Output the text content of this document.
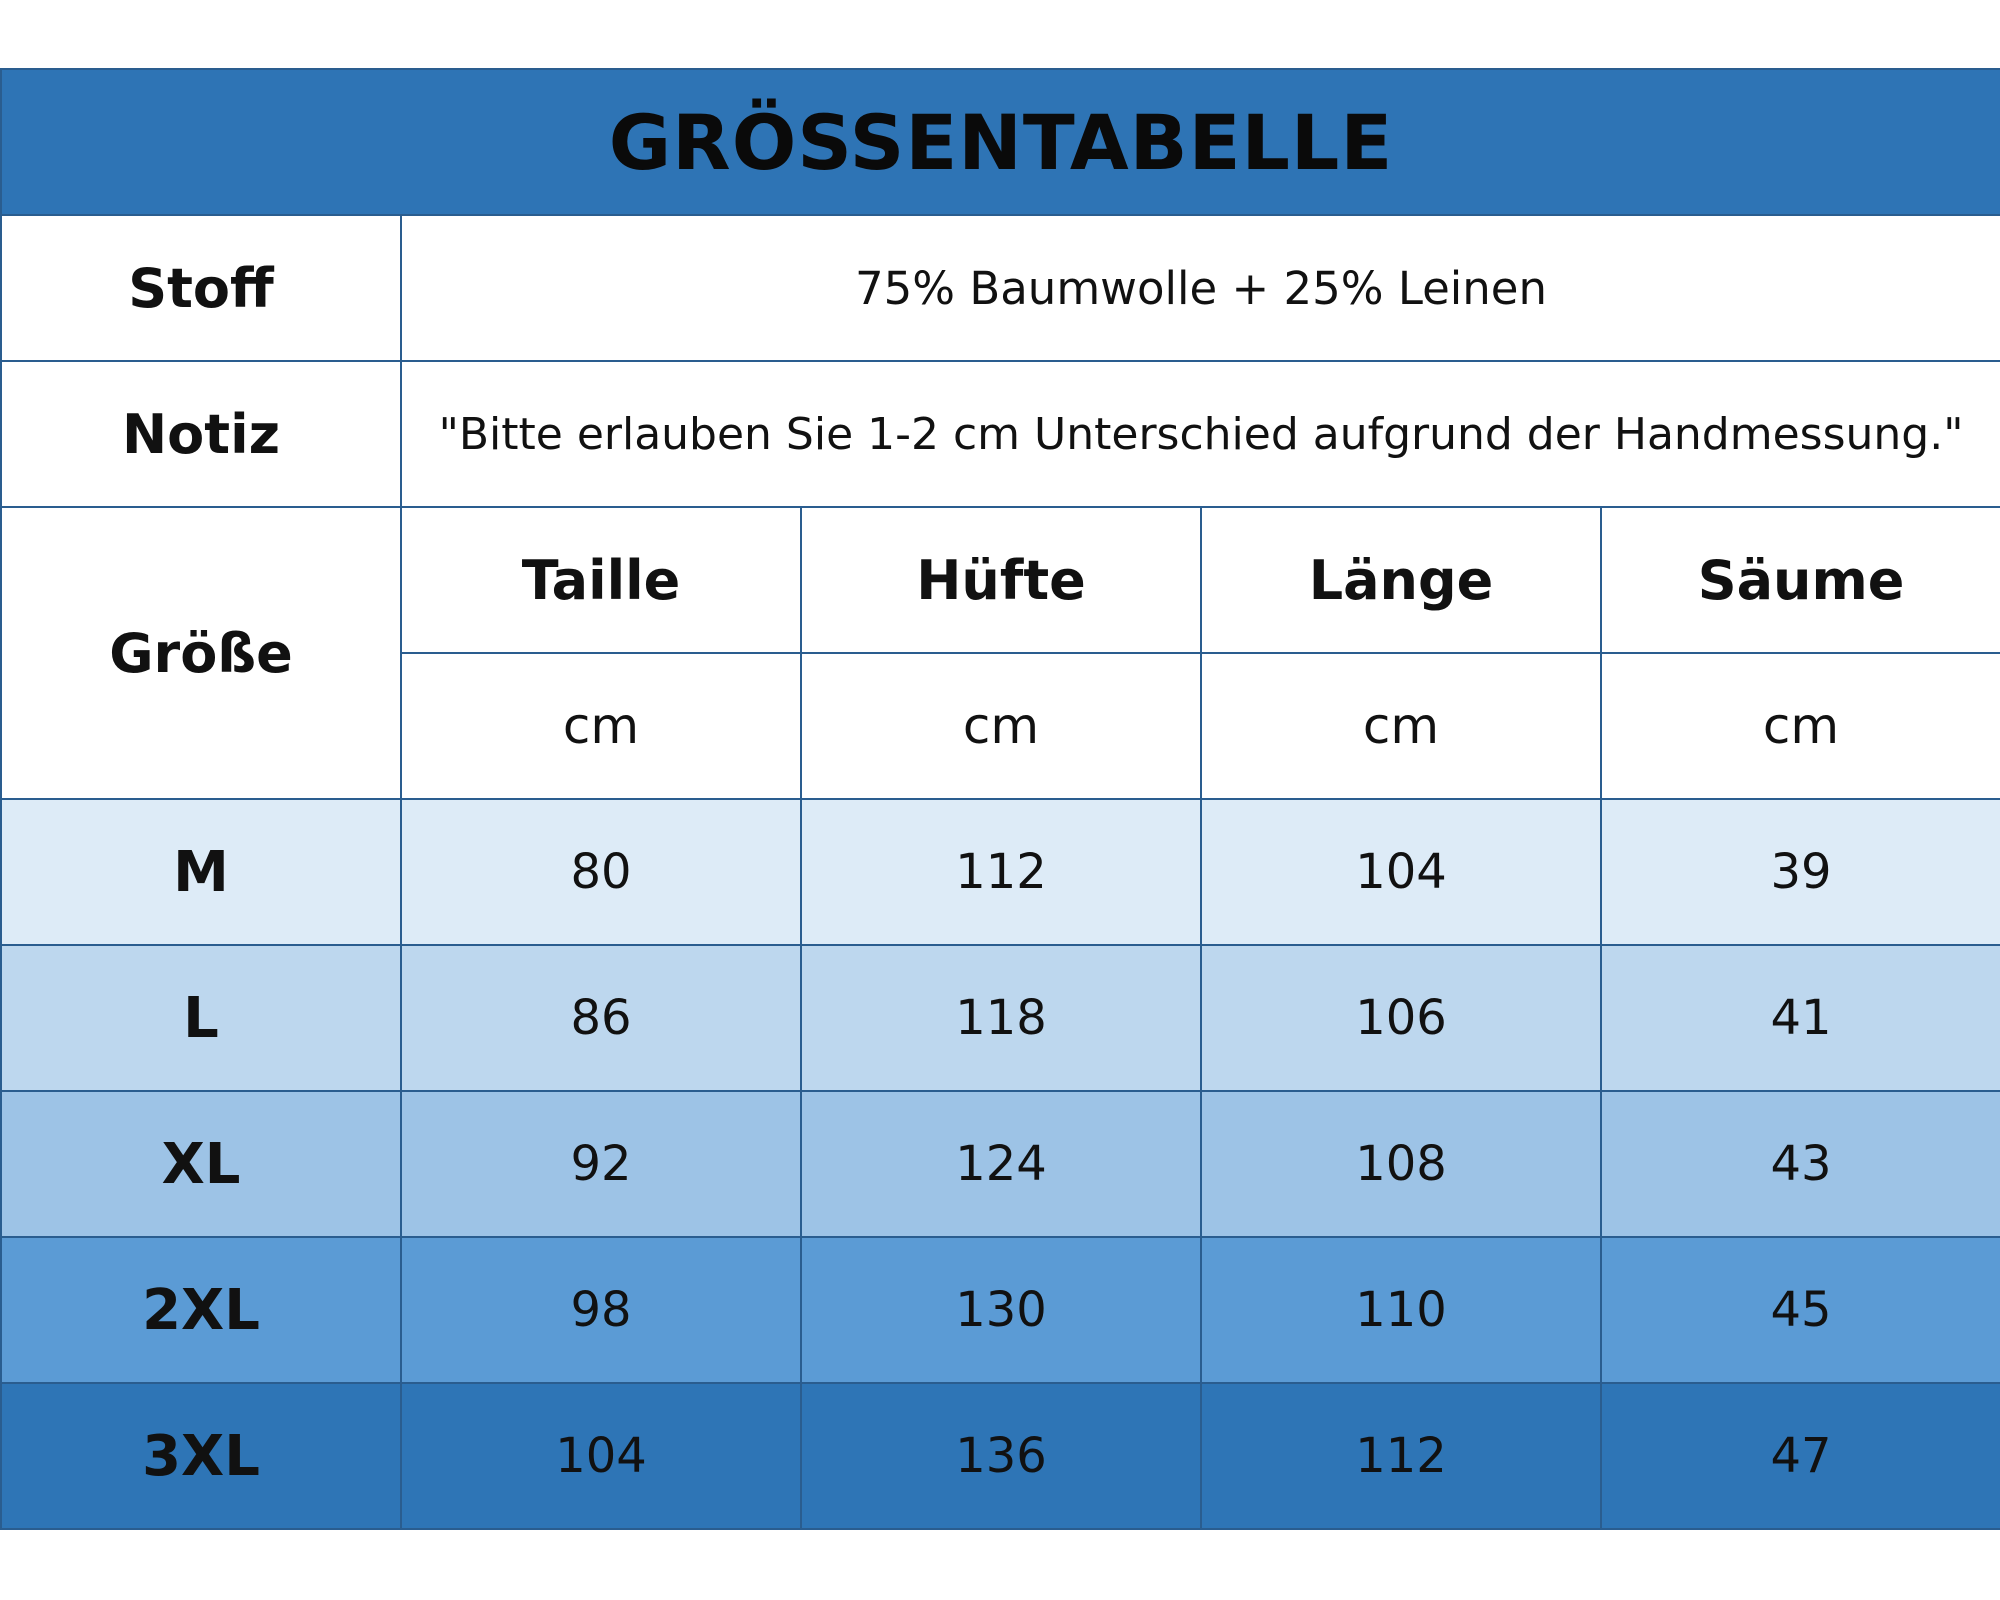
GRÖSSENTABELLE				
Stoff	75% Baumwolle + 25% Leinen			
Notiz	"Bitte erlauben Sie 1-2 cm Unterschied aufgrund der Handmessung."			
Größe	Taille	Hüfte	Länge	Säume
	cm	cm	cm	cm
M	80	112	104	39
L	86	118	106	41
XL	92	124	108	43
2XL	98	130	110	45
3XL	104	136	112	47
